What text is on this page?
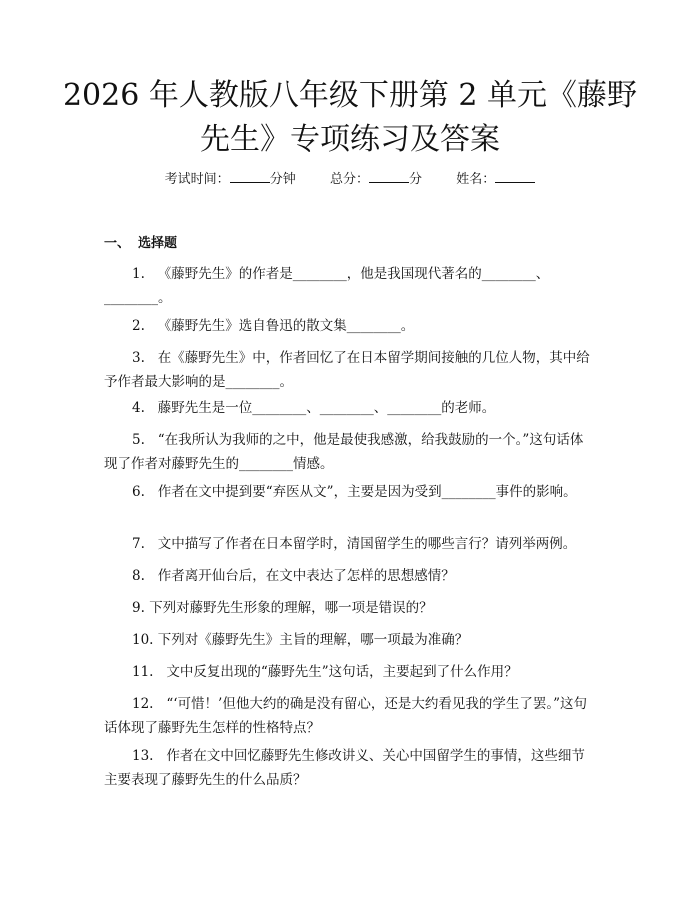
2026 年人教版八年级下册第 2 单元《藤野先生》专项练习及答案
考试时间：	分钟	总分：	分	姓名：
一、 选择题
1. 《藤野先生》的作者是________，他是我国现代著名的________、________。
2. 《藤野先生》选自鲁迅的散文集________。
3. 在《藤野先生》中，作者回忆了在日本留学期间接触的几位人物，其中给予作者最大影响的是________。
4. 藤野先生是一位________、________、________的老师。
5. “在我所认为我师的之中，他是最使我感激，给我鼓励的一个。”这句话体现了作者对藤野先生的________情感。
6. 作者在文中提到要“弃医从文”，主要是因为受到________事件的影响。
7. 文中描写了作者在日本留学时，清国留学生的哪些言行？请列举两例。
8. 作者离开仙台后，在文中表达了怎样的思想感情？
9. 下列对藤野先生形象的理解，哪一项是错误的？
10. 下列对《藤野先生》主旨的理解，哪一项最为准确？
11. 文中反复出现的“藤野先生”这句话，主要起到了什么作用？
12. “‘可惜！’但他大约的确是没有留心，还是大约看见我的学生了罢。”这句话体现了藤野先生怎样的性格特点？
13. 作者在文中回忆藤野先生修改讲义、关心中国留学生的事情，这些细节主要表现了藤野先生的什么品质？
